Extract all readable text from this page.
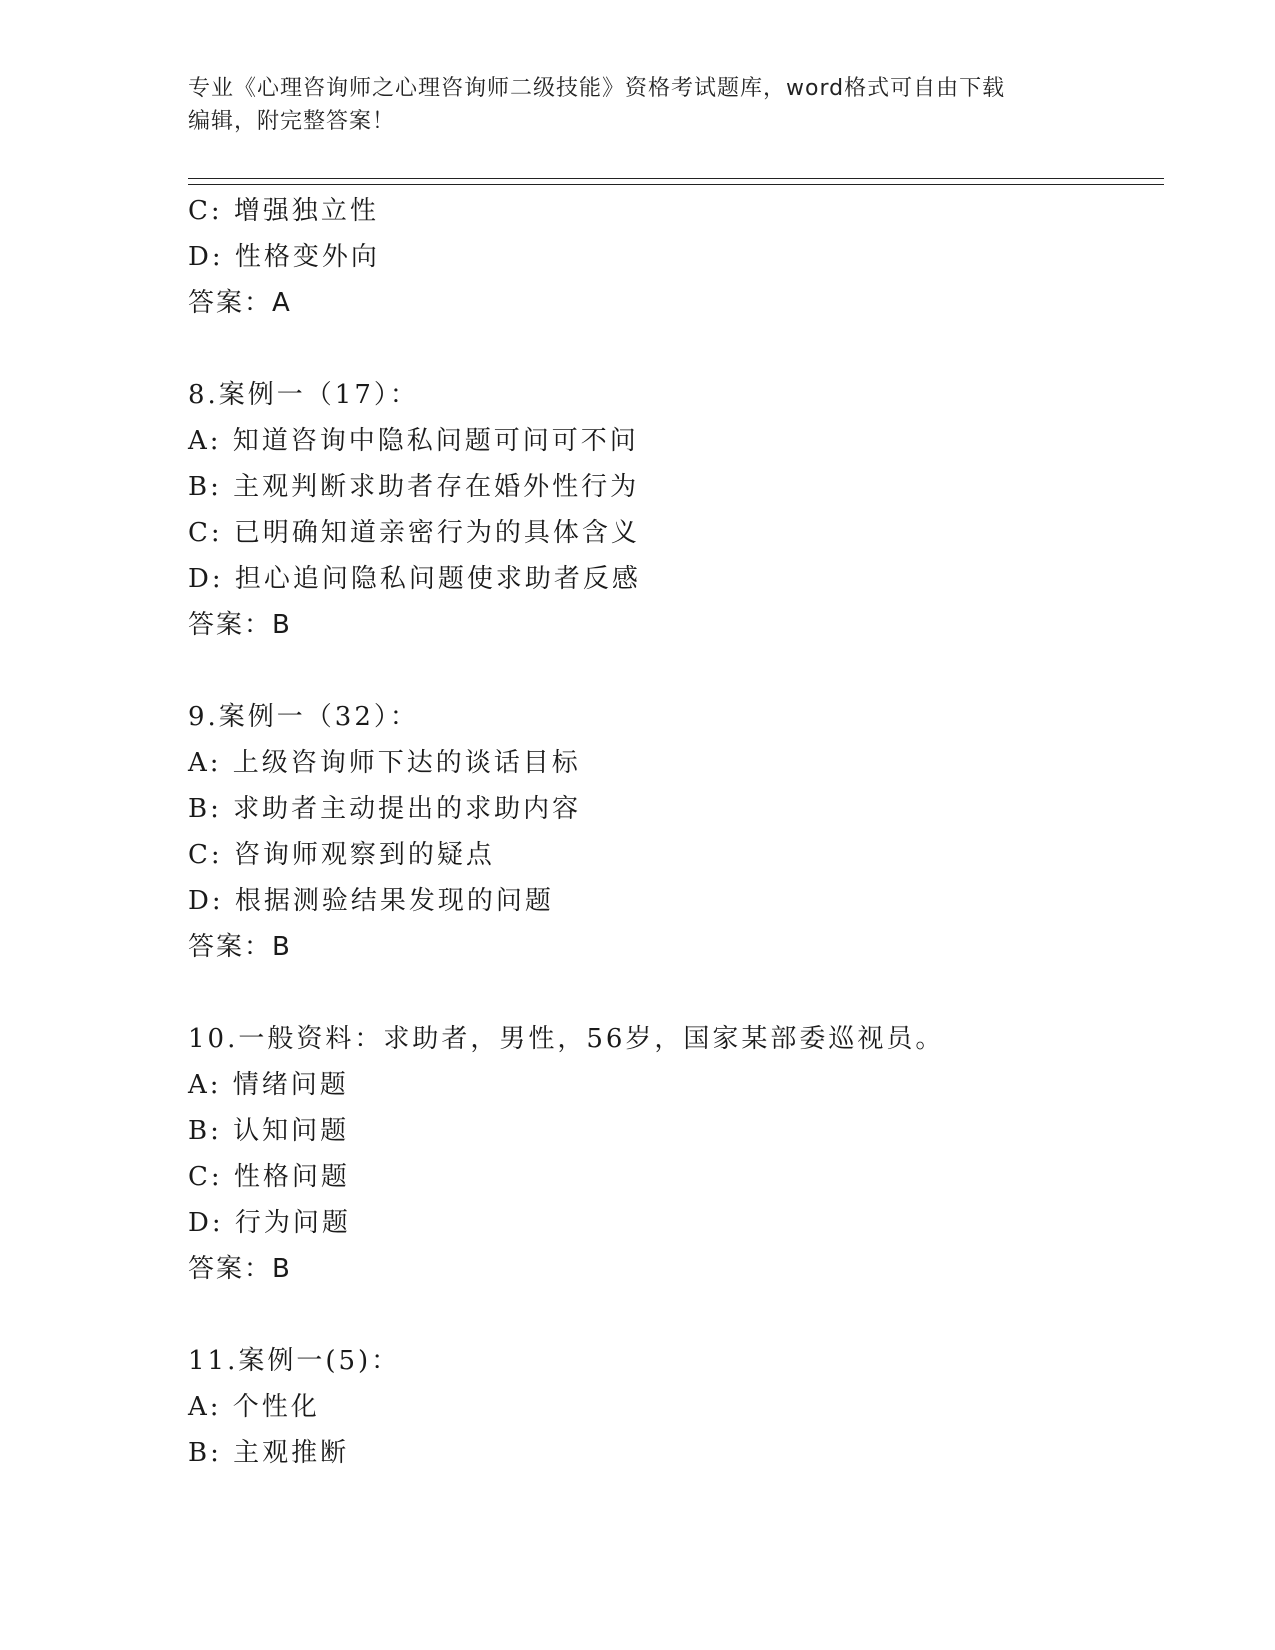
专业《心理咨询师之心理咨询师二级技能》资格考试题库，word格式可自由下载
编辑，附完整答案！
C: 增强独立性
D: 性格变外向
答案：A
8.案例一（17）：
A: 知道咨询中隐私问题可问可不问
B: 主观判断求助者存在婚外性行为
C: 已明确知道亲密行为的具体含义
D: 担心追问隐私问题使求助者反感
答案：B
9.案例一（32）：
A: 上级咨询师下达的谈话目标
B: 求助者主动提出的求助内容
C: 咨询师观察到的疑点
D: 根据测验结果发现的问题
答案：B
10.一般资料：求助者，男性，56岁，国家某部委巡视员。
A: 情绪问题
B: 认知问题
C: 性格问题
D: 行为问题
答案：B
11.案例一(5)：
A: 个性化
B: 主观推断
